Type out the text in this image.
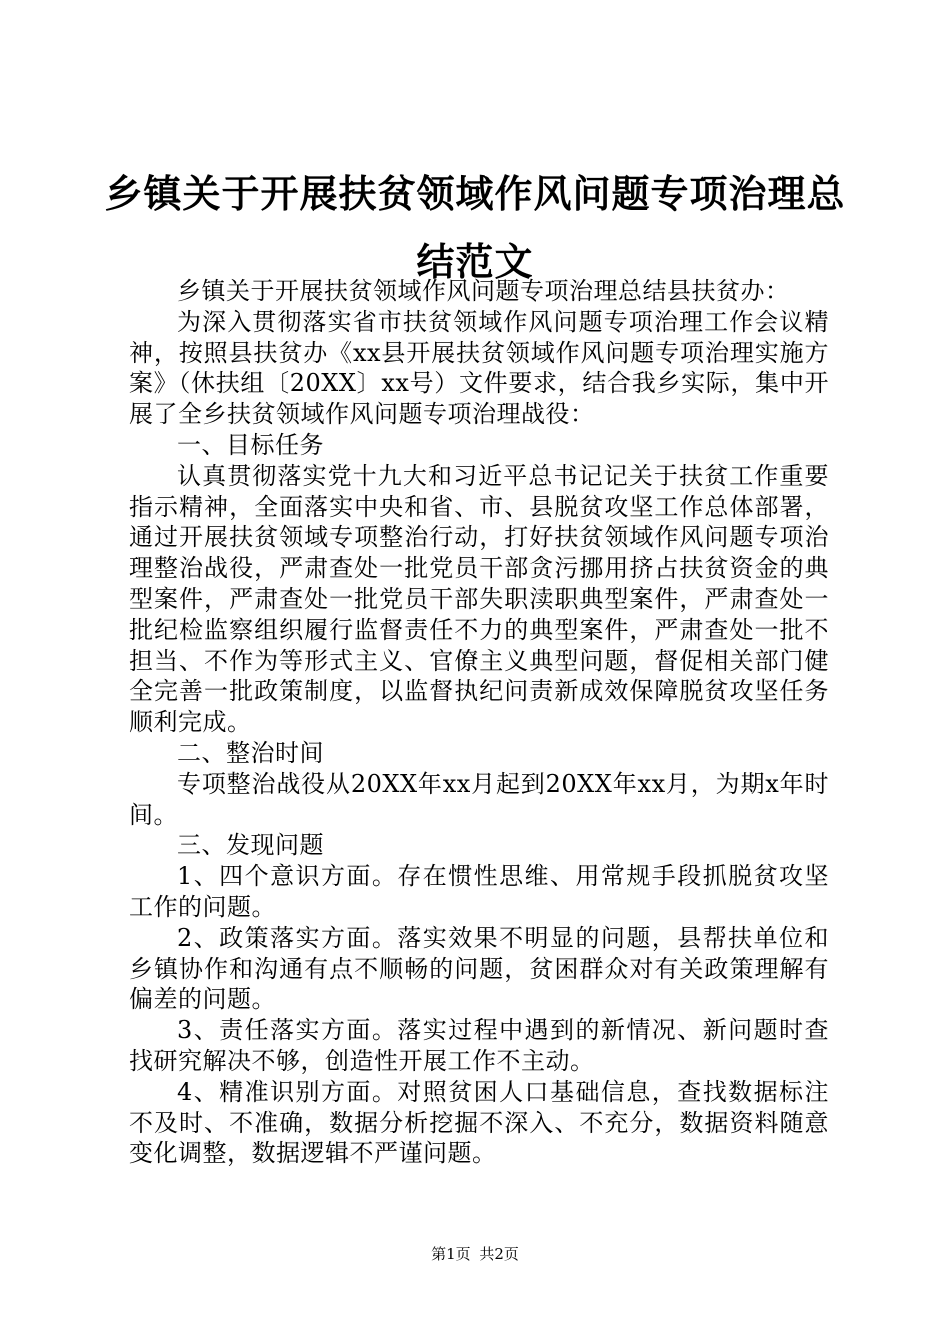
乡镇关于开展扶贫领域作风问题专项治理总结范文

乡镇关于开展扶贫领域作风问题专项治理总结县扶贫办：

为深入贯彻落实省市扶贫领域作风问题专项治理工作会议精神，按照县扶贫办《xx县开展扶贫领域作风问题专项治理实施方案》（休扶组〔20XX〕xx号）文件要求，结合我乡实际，集中开展了全乡扶贫领域作风问题专项治理战役：

一、目标任务

认真贯彻落实党十九大和习近平总书记记关于扶贫工作重要指示精神，全面落实中央和省、市、县脱贫攻坚工作总体部署，通过开展扶贫领域专项整治行动，打好扶贫领域作风问题专项治理整治战役，严肃查处一批党员干部贪污挪用挤占扶贫资金的典型案件，严肃查处一批党员干部失职渎职典型案件，严肃查处一批纪检监察组织履行监督责任不力的典型案件，严肃查处一批不担当、不作为等形式主义、官僚主义典型问题，督促相关部门健全完善一批政策制度，以监督执纪问责新成效保障脱贫攻坚任务顺利完成。

二、整治时间

专项整治战役从20XX年xx月起到20XX年xx月，为期x年时间。

三、发现问题

1、四个意识方面。存在惯性思维、用常规手段抓脱贫攻坚工作的问题。

2、政策落实方面。落实效果不明显的问题，县帮扶单位和乡镇协作和沟通有点不顺畅的问题，贫困群众对有关政策理解有偏差的问题。

3、责任落实方面。落实过程中遇到的新情况、新问题时查找研究解决不够，创造性开展工作不主动。

4、精准识别方面。对照贫困人口基础信息，查找数据标注不及时、不准确，数据分析挖掘不深入、不充分，数据资料随意变化调整，数据逻辑不严谨问题。

第1页 共2页
